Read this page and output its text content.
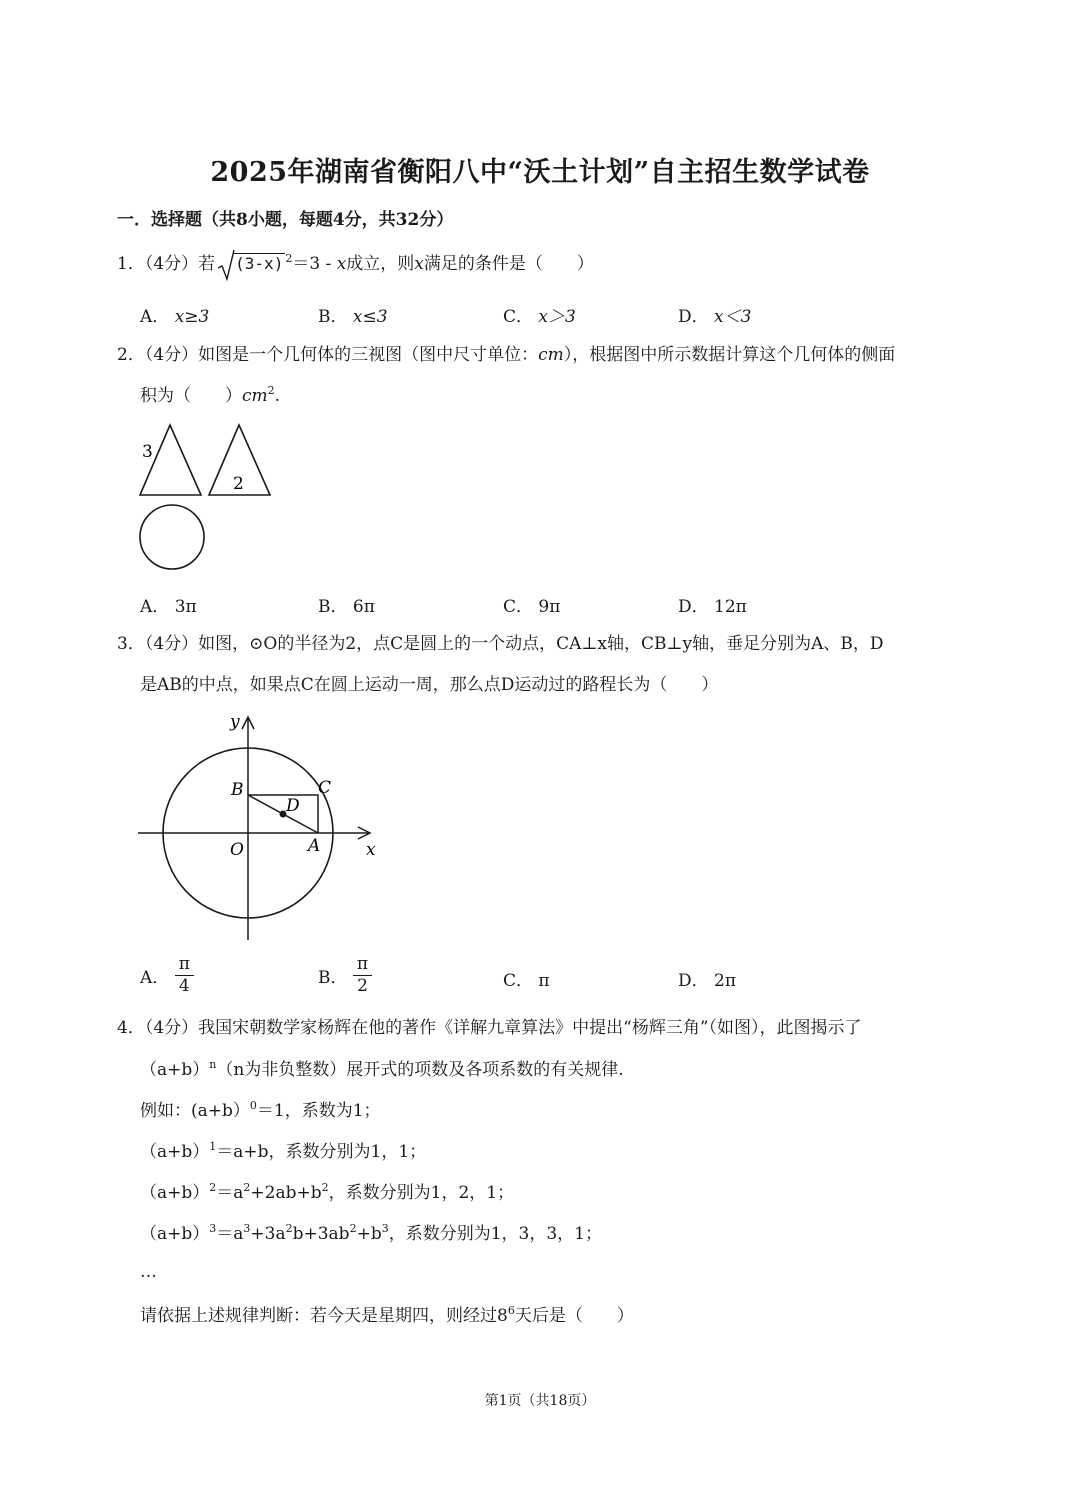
2025年湖南省衡阳八中“沃土计划”自主招生数学试卷
一．选择题（共8小题，每题4分，共32分）
1．（4分）若 (3-x) $^2$＝3 - x成立，则x满足的条件是（　　）
A． x≥3	B． x≤3	C． x＞3	D． x＜3
2．（4分）如图是一个几何体的三视图（图中尺寸单位：cm），根据图中所示数据计算这个几何体的侧面
积为（　　）$cm^2$.
3
2
A． 3π	B． 6π	C． 9π	D． 12π
3．（4分）如图，⊙O的半径为2，点C是圆上的一个动点，CA⊥x轴，CB⊥y轴，垂足分别为A、B，D
是AB的中点，如果点C在圆上运动一周，那么点D运动过的路程长为（　　）
y
x
O	A
B	C
D
A． $\frac{\pi}{4}$	B． $\frac{\pi}{2}$	C． π	D． 2π
4．（4分）我国宋朝数学家杨辉在他的著作《详解九章算法》中提出“杨辉三角”（如图），此图揭示了
$(a+b)^n(n$为非负整数）展开式的项数及各项系数的有关规律.
例如：(a+b）$^0$＝1，系数为1；
$(a+b)^1=a+b$，系数分别为1，1；
$(a+b)^2=a^2+2ab+b^2$，系数分别为1，2，1；
$(a+b)^3=a^3+3a^2b+3ab^2+b^3$，系数分别为1，3，3，1；
…
请依据上述规律判断：若今天是星期四，则经过$8^6$天后是（　　）
第1页（共18页）
